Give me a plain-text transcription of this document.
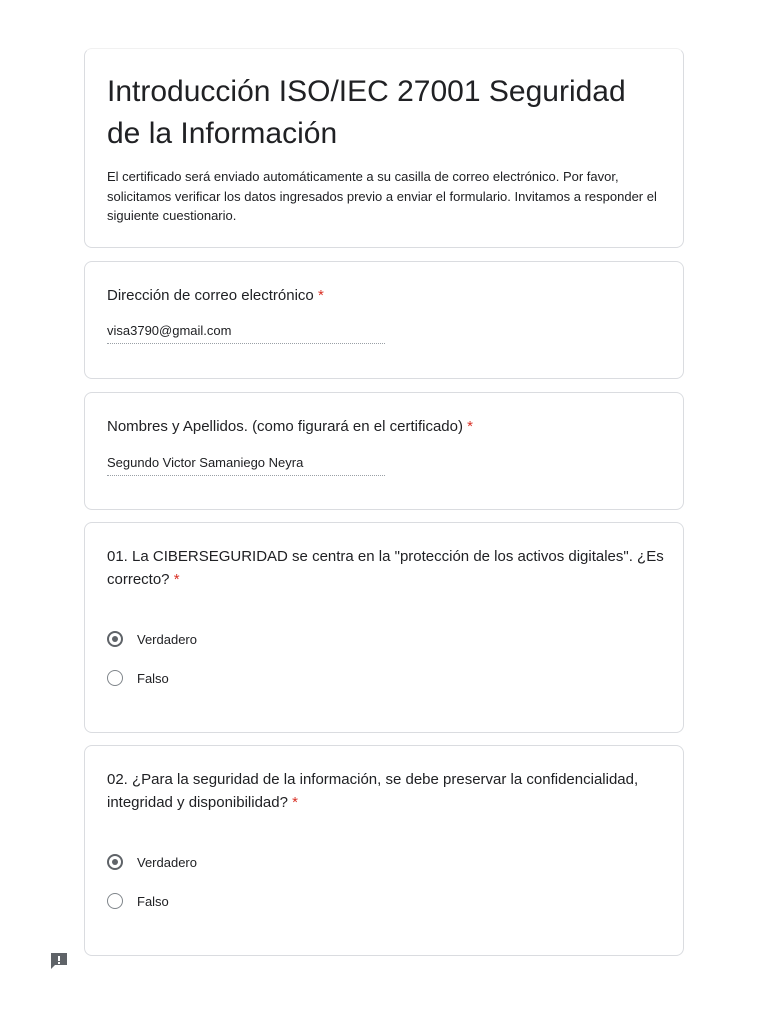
Introducción ISO/IEC 27001 Seguridad de la Información

El certificado será enviado automáticamente a su casilla de correo electrónico. Por favor, solicitamos verificar los datos ingresados previo a enviar el formulario. Invitamos a responder el siguiente cuestionario.

Dirección de correo electrónico *
visa3790@gmail.com
Nombres y Apellidos. (como figurará en el certificado) *
Segundo Victor Samaniego Neyra
01. La CIBERSEGURIDAD se centra en la "protección de los activos digitales". ¿Es correcto? *
Verdadero
Falso
02. ¿Para la seguridad de la información, se debe preservar la confidencialidad, integridad y disponibilidad? *
Verdadero
Falso
